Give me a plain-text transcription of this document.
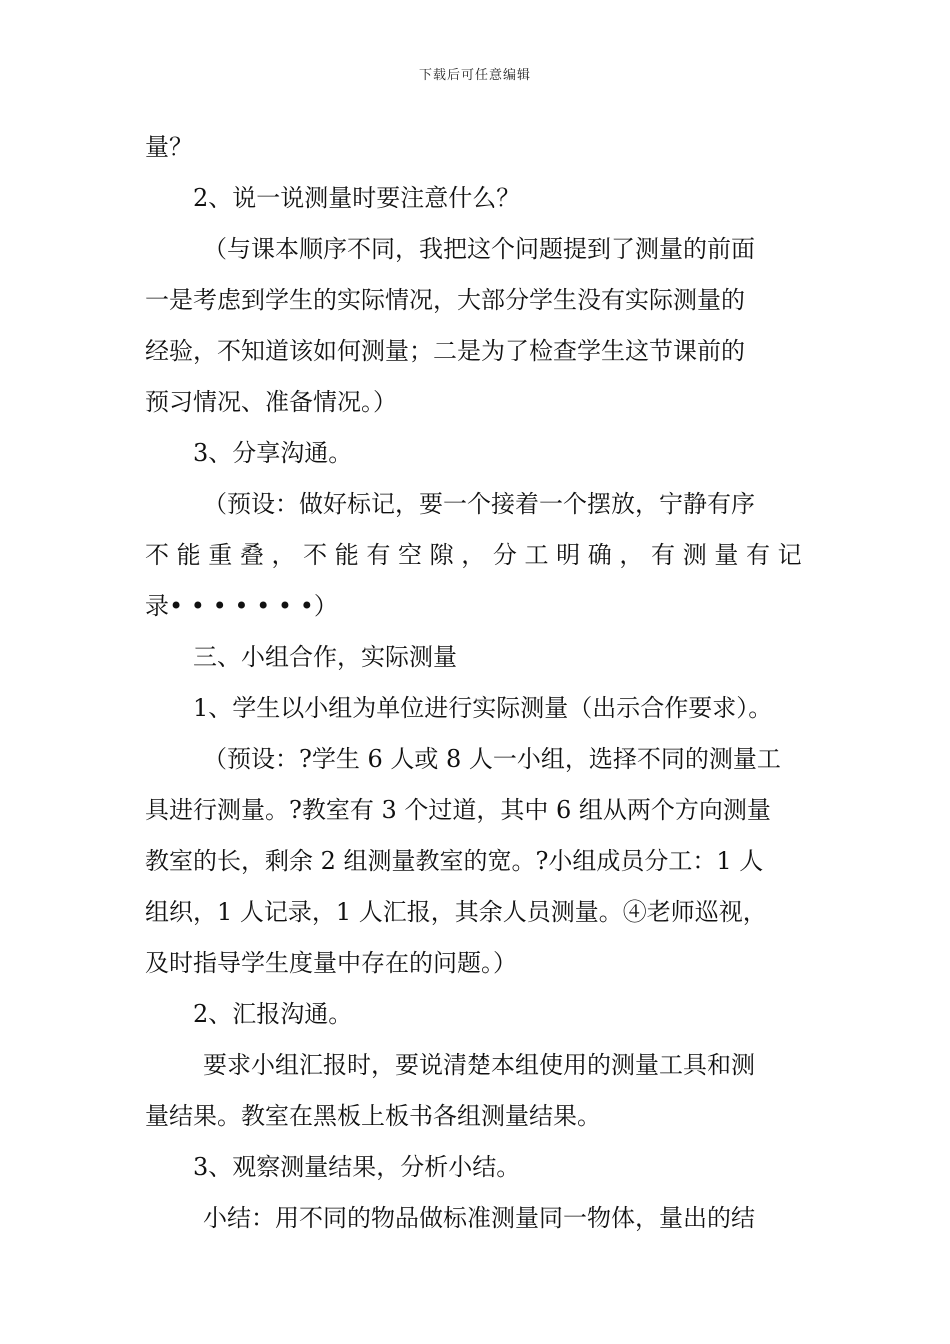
下载后可任意编辑
量？
2、说一说测量时要注意什么？
（与课本顺序不同，我把这个问题提到了测量的前面
一是考虑到学生的实际情况，大部分学生没有实际测量的
经验，不知道该如何测量；二是为了检查学生这节课前的
预习情况、准备情况。）
3、分享沟通。
（预设：做好标记，要一个接着一个摆放，宁静有序
不 能 重 叠 ， 不 能 有 空 隙 ， 分 工 明 确 ， 有 测 量 有 记
录• • • • • • •）
三、小组合作，实际测量
1、学生以小组为单位进行实际测量（出示合作要求）。
（预设：?学生 6 人或 8 人一小组，选择不同的测量工
具进行测量。?教室有 3 个过道，其中 6 组从两个方向测量
教室的长，剩余 2 组测量教室的宽。?小组成员分工：1 人
组织，1 人记录，1 人汇报，其余人员测量。④老师巡视，
及时指导学生度量中存在的问题。）
2、汇报沟通。
要求小组汇报时，要说清楚本组使用的测量工具和测
量结果。教室在黑板上板书各组测量结果。
3、观察测量结果，分析小结。
小结：用不同的物品做标准测量同一物体，量出的结
